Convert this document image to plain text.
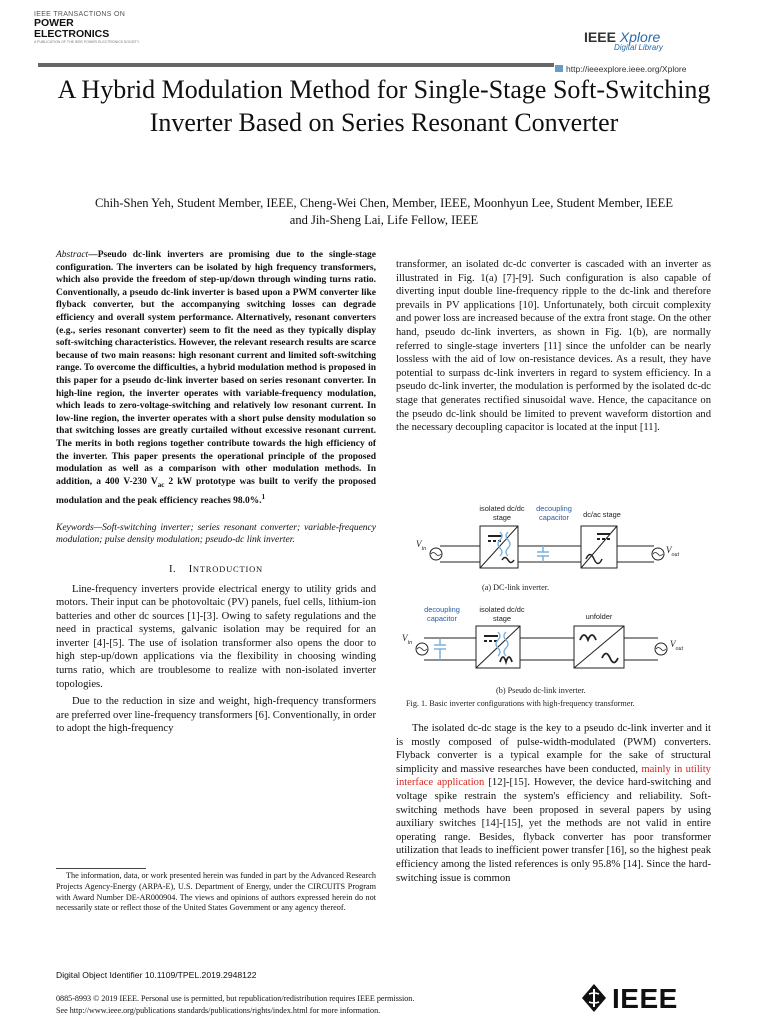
IEEE TRANSACTIONS ON
POWER
ELECTRONICS
A PUBLICATION OF THE IEEE POWER ELECTRONICS SOCIETY	IEEE Xplore
Digital Library
http://ieeexplore.ieee.org/Xplore
A Hybrid Modulation Method for Single-Stage Soft-Switching Inverter Based on Series Resonant Converter
Chih-Shen Yeh, Student Member, IEEE, Cheng-Wei Chen, Member, IEEE, Moonhyun Lee, Student Member, IEEE
and Jih-Sheng Lai, Life Fellow, IEEE
Abstract—Pseudo dc-link inverters are promising due to the single-stage configuration. The inverters can be isolated by high frequency transformers, which also provide the freedom of step-up/down through winding turns ratio. Conventionally, a pseudo dc-link inverter is based upon a PWM converter like flyback converter, but the accompanying switching losses can degrade efficiency and overall system performance. Alternatively, resonant converters (e.g., series resonant converter) seem to fit the need as they typically display soft-switching characteristics. However, the relevant research results are scarce because of two main reasons: high resonant current and limited soft-switching range. To overcome the difficulties, a hybrid modulation method is proposed in this paper for a pseudo dc-link inverter based on series resonant converter. In high-line region, the inverter operates with variable-frequency modulation, which leads to zero-voltage-switching and relatively low resonant current. In low-line region, the inverter operates with a short pulse density modulation so that switching losses are greatly curtailed without excessive resonant current. The merits in both regions together contribute towards the high efficiency of the inverter. This paper presents the operational principle of the proposed modulation as well as a comparison with other modulation methods. In addition, a 400 V-230 $V_{ac}$ 2 kW prototype was built to verify the proposed modulation and the peak efficiency reaches 98.0%.$^1$
Keywords—Soft-switching inverter; series resonant converter; variable-frequency modulation; pulse density modulation; pseudo-dc link inverter.
I. INTRODUCTION

Line-frequency inverters provide electrical energy to utility grids and motors. Their input can be photovoltaic (PV) panels, fuel cells, lithium-ion batteries and other dc sources [1]-[3]. Owing to safety regulations and the need in practical systems, galvanic isolation may be required for an inverter [4]-[5]. The use of isolation transformer also opens the door to high step-up/down applications via the flexibility in choosing winding turns ratio, which are troublesome to realize with non-isolated inverter topologies.

Due to the reduction in size and weight, high-frequency transformers are preferred over line-frequency transformers [6]. Conventionally, in order to adopt the high-frequency

The information, data, or work presented herein was funded in part by the Advanced Research Projects Agency-Energy (ARPA-E), U.S. Department of Energy, under the CIRCUITS Program with Award Number DE-AR000904. The views and opinions of authors expressed herein do not necessarily state or reflect those of the United States Government or any agency thereof.

transformer, an isolated dc-dc converter is cascaded with an inverter as illustrated in Fig. 1(a) [7]-[9]. Such configuration is also capable of diverting input double line-frequency ripple to the dc-link and therefore prevails in PV applications [10]. Unfortunately, both circuit complexity and power loss are increased because of the extra front stage. On the other hand, pseudo dc-link inverters, as shown in Fig. 1(b), are normally referred to single-stage inverters [11] since the unfolder can be nearly lossless with the aid of low on-resistance devices. As a result, they have potential to surpass dc-link inverters in regard to system efficiency. In a pseudo dc-link inverter, the modulation is performed by the isolated dc-dc stage that generates rectified sinusoidal wave. Hence, the capacitance on the pseudo dc-link should be limited to prevent waveform distortion and the necessary decoupling capacitor is located at the input [11].

isolated dc/dc
stage
decoupling
capacitor	dc/ac stage
$V_{in}$	$V_{out}$
(a) DC-link inverter.
decoupling
capacitor
isolated dc/dc
stage	unfolder
$V_{in}$	$V_{out}$
(b) Pseudo dc-link inverter.
Fig. 1. Basic inverter configurations with high-frequency transformer.

The isolated dc-dc stage is the key to a pseudo dc-link inverter and it is mostly composed of pulse-width-modulated (PWM) converters. Flyback converter is a typical example for the sake of structural simplicity and massive researches have been conducted, mainly in utility interface application [12]-[15]. However, the device hard-switching and voltage spike restrain the system's efficiency and reliability. Soft-switching methods have been proposed in several papers by using auxiliary switches [14]-[15], yet the methods are not valid in entire operating range. Besides, flyback converter has poor transformer utilization that leads to inefficient power transfer [16], so the highest peak efficiency among the listed references is only 95.8% [14]. Since the hard-switching issue is common

Digital Object Identifier 10.1109/TPEL.2019.2948122
0885-8993 © 2019 IEEE. Personal use is permitted, but republication/redistribution requires IEEE permission.
See http://www.ieee.org/publications standards/publications/rights/index.html for more information.	IEEE
